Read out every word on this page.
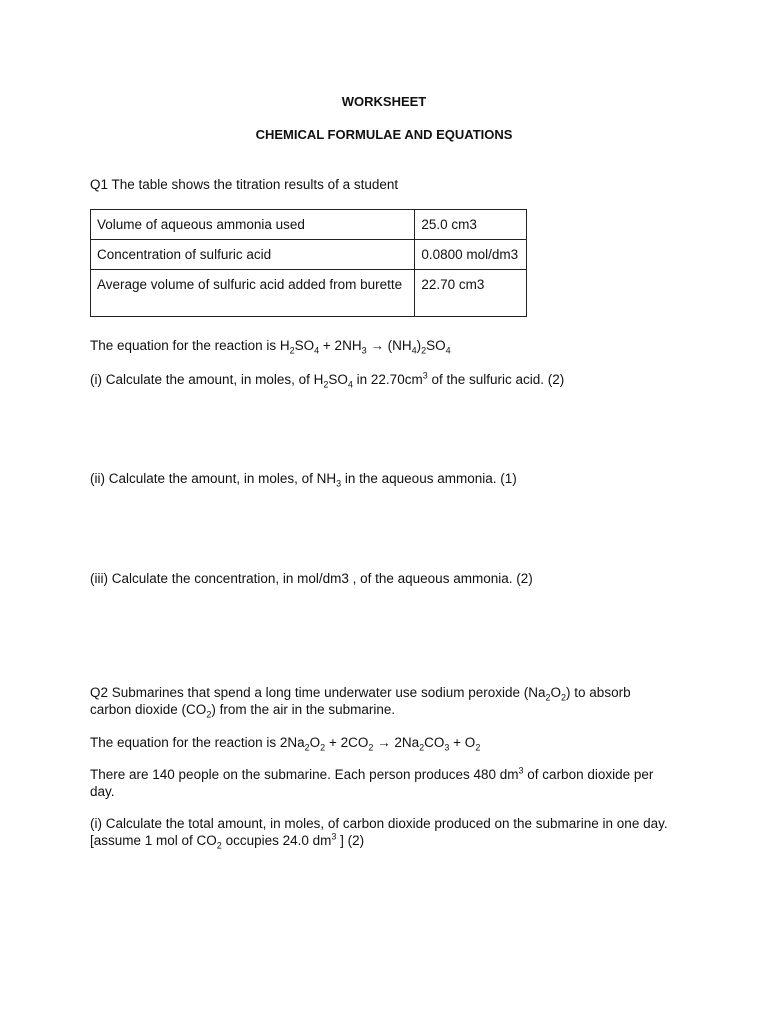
WORKSHEET
CHEMICAL FORMULAE AND EQUATIONS
Q1 The table shows the titration results of a student
Volume of aqueous ammonia used	25.0 cm3
Concentration of sulfuric acid	0.0800 mol/dm3
Average volume of sulfuric acid added from burette	22.70 cm3
The equation for the reaction is $H_2SO_4 + 2NH_3 \to (NH_4)_2SO_4$
(i) Calculate the amount, in moles, of $H_2SO_4$ in $22.70cm^3$ of the sulfuric acid. (2)
(ii) Calculate the amount, in moles, of $NH_3$ in the aqueous ammonia. (1)
(iii) Calculate the concentration, in mol/dm3 , of the aqueous ammonia. (2)
Q2 Submarines that spend a long time underwater use sodium peroxide $(Na_2O_2)$ to absorb carbon dioxide $(CO_2)$ from the air in the submarine.
The equation for the reaction is $2Na_2O_2 + 2CO_2 \to 2Na_2CO_3 + O_2$
There are 140 people on the submarine. Each person produces 480 $dm^3$ of carbon dioxide per day.
(i) Calculate the total amount, in moles, of carbon dioxide produced on the submarine in one day. [assume 1 mol of $CO_2$ occupies 24.0 $dm^3$ ] (2)
